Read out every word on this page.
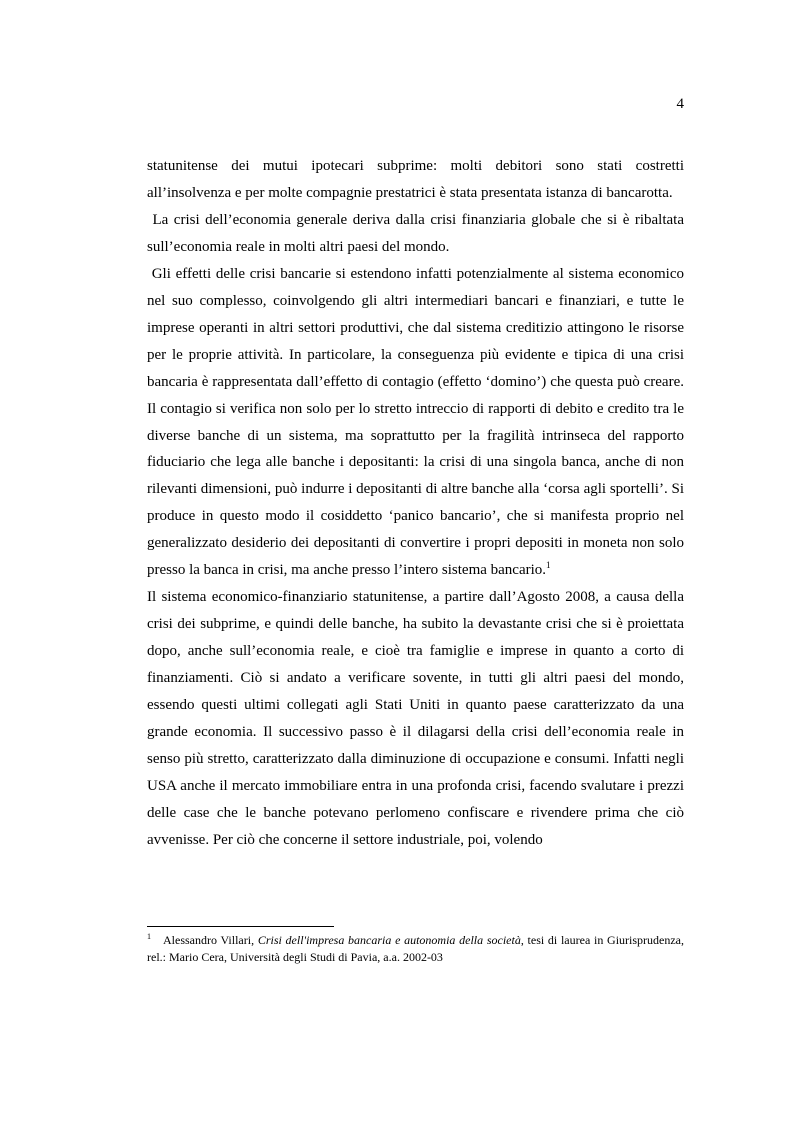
4

statunitense dei mutui ipotecari subprime: molti debitori sono stati costretti all’insolvenza e per molte compagnie prestatrici è stata presentata istanza di bancarotta.

La crisi dell’economia generale deriva dalla crisi finanziaria globale che si è ribaltata sull’economia reale in molti altri paesi del mondo.

Gli effetti delle crisi bancarie si estendono infatti potenzialmente al sistema economico nel suo complesso, coinvolgendo gli altri intermediari bancari e finanziari, e tutte le imprese operanti in altri settori produttivi, che dal sistema creditizio attingono le risorse per le proprie attività. In particolare, la conseguenza più evidente e tipica di una crisi bancaria è rappresentata dall’effetto di contagio (effetto ‘domino’) che questa può creare. Il contagio si verifica non solo per lo stretto intreccio di rapporti di debito e credito tra le diverse banche di un sistema, ma soprattutto per la fragilità intrinseca del rapporto fiduciario che lega alle banche i depositanti: la crisi di una singola banca, anche di non rilevanti dimensioni, può indurre i depositanti di altre banche alla ‘corsa agli sportelli’. Si produce in questo modo il cosiddetto ‘panico bancario’, che si manifesta proprio nel generalizzato desiderio dei depositanti di convertire i propri depositi in moneta non solo presso la banca in crisi, ma anche presso l’intero sistema bancario.$^1$

Il sistema economico-finanziario statunitense, a partire dall’Agosto 2008, a causa della crisi dei subprime, e quindi delle banche, ha subito la devastante crisi che si è proiettata dopo, anche sull’economia reale, e cioè tra famiglie e imprese in quanto a corto di finanziamenti. Ciò si andato a verificare sovente, in tutti gli altri paesi del mondo, essendo questi ultimi collegati agli Stati Uniti in quanto paese caratterizzato da una grande economia. Il successivo passo è il dilagarsi della crisi dell’economia reale in senso più stretto, caratterizzato dalla diminuzione di occupazione e consumi. Infatti negli USA anche il mercato immobiliare entra in una profonda crisi, facendo svalutare i prezzi delle case che le banche potevano perlomeno confiscare e rivendere prima che ciò avvenisse. Per ciò che concerne il settore industriale, poi, volendo

$^1$ Alessandro Villari, Crisi dell'impresa bancaria e autonomia della società, tesi di laurea in Giurisprudenza, rel.: Mario Cera, Università degli Studi di Pavia, a.a. 2002-03
